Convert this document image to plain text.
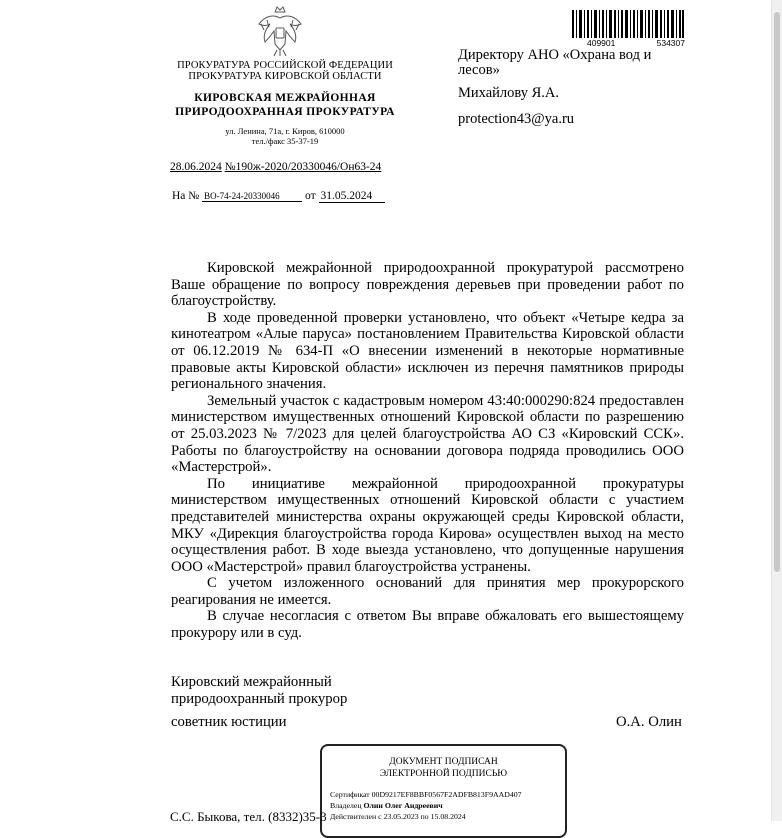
ПРОКУРАТУРА РОССИЙСКОЙ ФЕДЕРАЦИИ
ПРОКУРАТУРА КИРОВСКОЙ ОБЛАСТИ
КИРОВСКАЯ МЕЖРАЙОННАЯ
ПРИРОДООХРАННАЯ ПРОКУРАТУРА
ул. Ленина, 71а, г. Киров, 610000
тел./факс 35-37-19
28.06.2024 №190ж-2020/20330046/Он63-24
На № ВО-74-24-20330046 от 31.05.2024
409901	534307
Директору АНО «Охрана вод и лесов»
Михайлову Я.А.
protection43@ya.ru

Кировской межрайонной природоохранной прокуратурой рассмотрено Ваше обращение по вопросу повреждения деревьев при проведении работ по благоустройству.

В ходе проведенной проверки установлено, что объект «Четыре кедра за кинотеатром «Алые паруса» постановлением Правительства Кировской области от 06.12.2019 № 634-П «О внесении изменений в некоторые нормативные правовые акты Кировской области» исключен из перечня памятников природы регионального значения.

Земельный участок с кадастровым номером 43:40:000290:824 предоставлен министерством имущественных отношений Кировской области по разрешению от 25.03.2023 № 7/2023 для целей благоустройства АО СЗ «Кировский ССК». Работы по благоустройству на основании договора подряда проводились ООО «Мастерстрой».

По инициативе межрайонной природоохранной прокуратуры министерством имущественных отношений Кировской области с участием представителей министерства охраны окружающей среды Кировской области, МКУ «Дирекция благоустройства города Кирова» осуществлен выход на место осуществления работ. В ходе выезда установлено, что допущенные нарушения ООО «Мастерстрой» правил благоустройства устранены.

С учетом изложенного оснований для принятия мер прокурорского реагирования не имеется.

В случае несогласия с ответом Вы вправе обжаловать его вышестоящему прокурору или в суд.

Кировский межрайонный
природоохранный прокурор
советник юстиции	О.А. Олин
ДОКУМЕНТ ПОДПИСАН
ЭЛЕКТРОННОЙ ПОДПИСЬЮ
Сертификат 00D9217EF8BBF0567F2ADFB813F9AAD407
Владелец Олин Олег Андреевич
Действителен с 23.05.2023 по 15.08.2024
С.С. Быкова, тел. (8332)35-3
